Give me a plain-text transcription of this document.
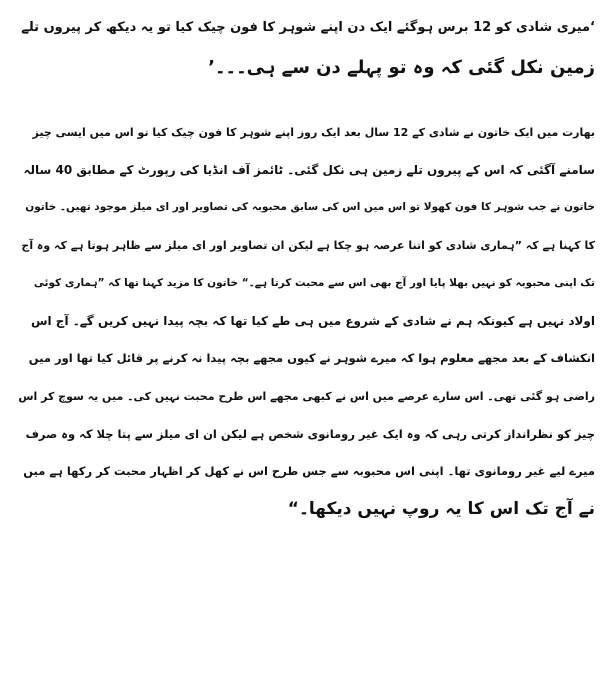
‘میری شادی کو 12 برس ہوگئے ایک دن اپنے شوہر کا فون چیک کیا تو یہ دیکھ کر پیروں تلے
زمین نکل گئی کہ وہ تو پہلے دن سے ہی۔۔۔’
بھارت میں ایک خاتون نے شادی کے 12 سال بعد ایک روز اپنے شوہر کا فون چیک کیا تو اس میں ایسی چیز
سامنے آگئی کہ اس کے پیروں تلے زمین ہی نکل گئی۔ ٹائمز آف انڈیا کی رپورٹ کے مطابق 40 سالہ
خاتون نے جب شوہر کا فون کھولا تو اس میں اس کی سابق محبوبہ کی تصاویر اور ای میلز موجود تھیں۔ خاتون
کا کہنا ہے کہ ”ہماری شادی کو اتنا عرصہ ہو چکا ہے لیکن ان تصاویر اور ای میلز سے ظاہر ہوتا ہے کہ وہ آج
تک اپنی محبوبہ کو نہیں بھلا پایا اور آج بھی اس سے محبت کرتا ہے۔“ خاتون کا مزید کہنا تھا کہ ”ہماری کوئی
اولاد نہیں ہے کیونکہ ہم نے شادی کے شروع میں ہی طے کیا تھا کہ بچہ پیدا نہیں کریں گے۔ آج اس
انکشاف کے بعد مجھے معلوم ہوا کہ میرے شوہر نے کیوں مجھے بچہ پیدا نہ کرنے پر قائل کیا تھا اور میں
راضی ہو گئی تھی۔ اس سارے عرصے میں اس نے کبھی مجھے اس طرح محبت نہیں کی۔ میں یہ سوچ کر اس
چیز کو نظرانداز کرتی رہی کہ وہ ایک غیر رومانوی شخص ہے لیکن ان ای میلز سے پتا چلا کہ وہ صرف
میرے لیے غیر رومانوی تھا۔ اپنی اس محبوبہ سے جس طرح اس نے کھل کر اظہار محبت کر رکھا ہے میں
نے آج تک اس کا یہ روپ نہیں دیکھا۔“
